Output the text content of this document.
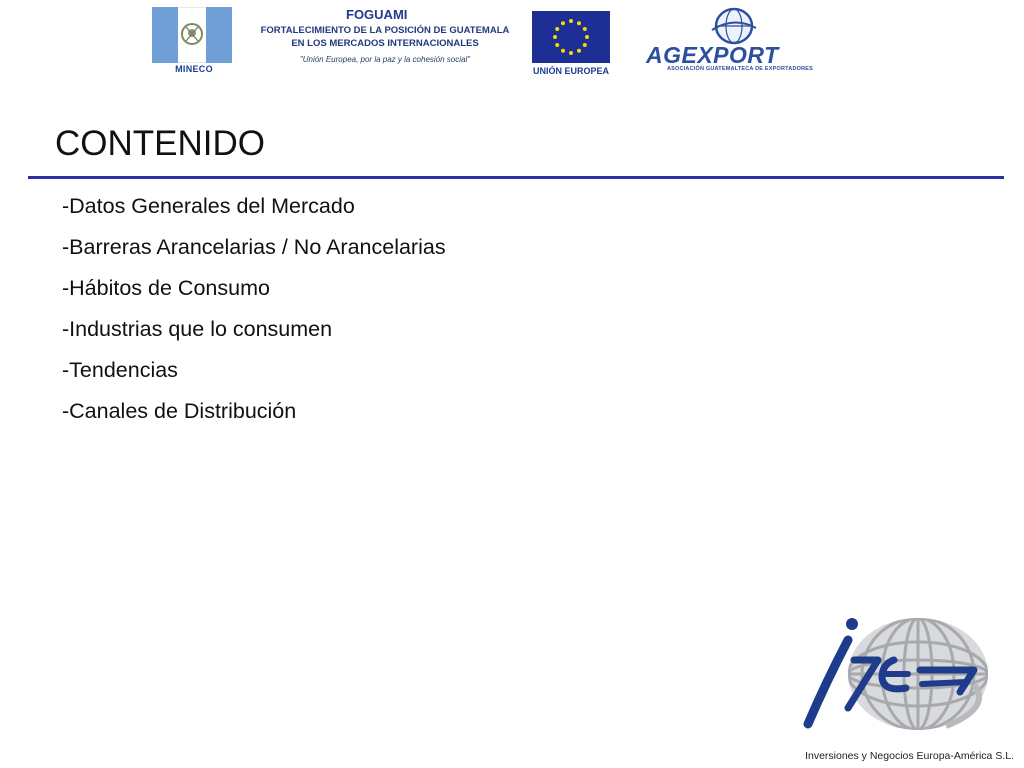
MINECO
FOGUAMI
FORTALECIMIENTO DE LA POSICIÓN DE GUATEMALA
EN LOS MERCADOS INTERNACIONALES
"Unión Europea, por la paz y la cohesión social"
UNIÓN EUROPEA
AGEXPORT
ASOCIACIÓN GUATEMALTECA DE EXPORTADORES
CONTENIDO
-Datos Generales del Mercado
-Barreras Arancelarias / No Arancelarias
-Hábitos de Consumo
-Industrias que lo consumen
-Tendencias
-Canales de Distribución
Inversiones y Negocios Europa-América S.L.
